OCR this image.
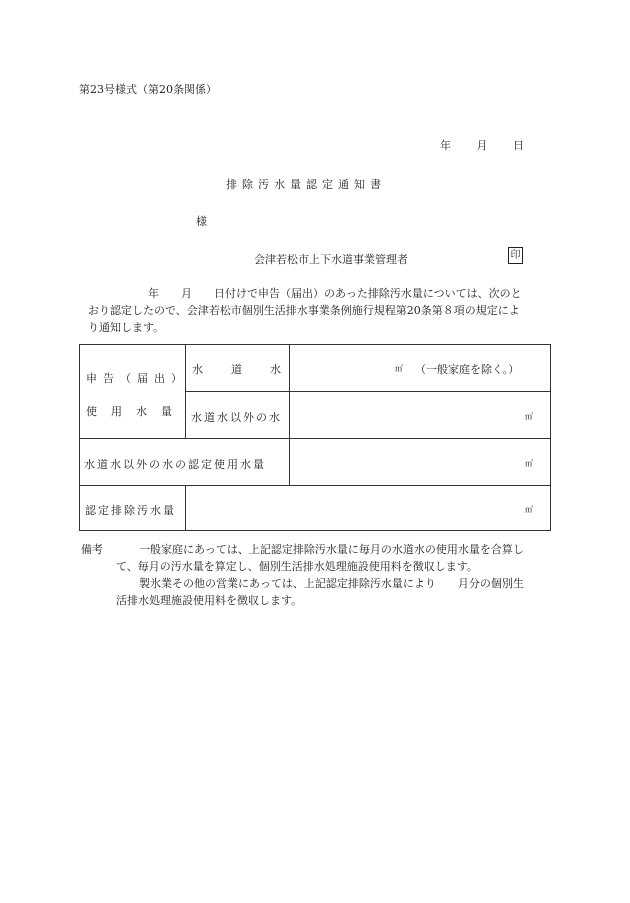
第23号様式（第20条関係）
年 月 日
排除汚水量認定通知書
様
会津若松市上下水道事業管理者	印
年　　月　　日付けで申告（届出）のあった排除汚水量については、次のと
おり認定したので、会津若松市個別生活排水事業条例施行規程第20条第８項の規定によ
り通知します。
申告（届出）
使用水量
水道水	㎥ （一般家庭を除く。）
水道水以外の水	㎥
水道水以外の水の認定使用水量	㎥
認定排除汚水量	㎥
備考	　一般家庭にあっては、上記認定排除汚水量に毎月の水道水の使用水量を合算し
て、毎月の汚水量を算定し、個別生活排水処理施設使用料を徴収します。
　製氷業その他の営業にあっては、上記認定排除汚水量により　　月分の個別生
活排水処理施設使用料を徴収します。
